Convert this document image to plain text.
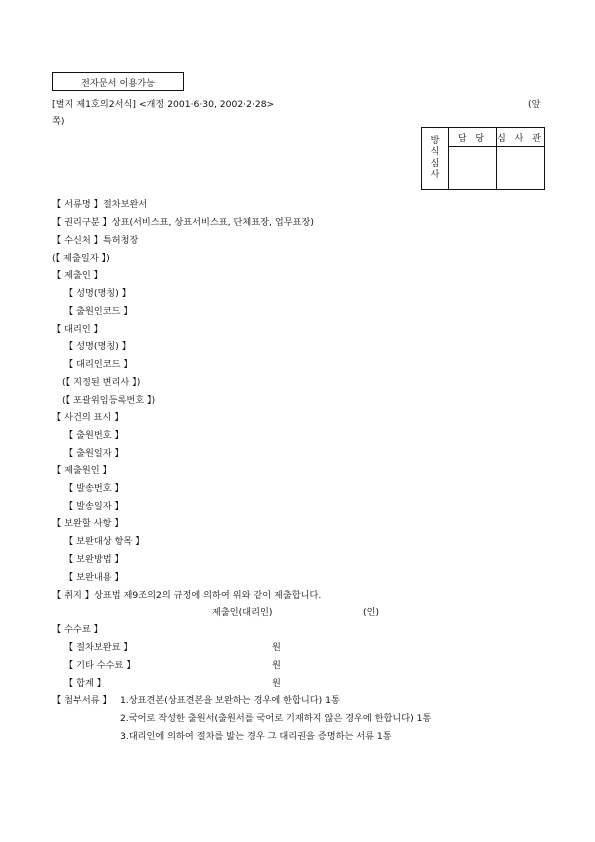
전자문서 이용가능
[별지 제1호의2서식] <개정 2001·6·30, 2002·2·28>	(앞
쪽)
방
식
심
사	담 당	심 사 관

【 서류명 】절차보완서
【 권리구분 】상표(서비스표, 상표서비스표, 단체표장, 업무표장)
【 수신처 】특허청장
(【 제출일자 】)
【 제출인 】
【 성명(명칭) 】
【 출원인코드 】
【 대리인 】
【 성명(명칭) 】
【 대리인코드 】
(【 지정된 변리사 】)
(【 포괄위임등록번호 】)
【 사건의 표시 】
【 출원번호 】
【 출원일자 】
【 제출원인 】
【 발송번호 】
【 발송일자 】
【 보완할 사항 】
【 보완대상 항목 】
【 보완방법 】
【 보완내용 】
【 취지 】상표법 제9조의2의 규정에 의하여 위와 같이 제출합니다.
제출인(대리인)	(인)
【 수수료 】
【 절차보완료 】	원
【 기타 수수료 】	원
【 합계 】	원
【 첨부서류 】 1.상표견본(상표견본을 보완하는 경우에 한합니다) 1통
2.국어로 작성한 출원서(출원서를 국어로 기재하지 않은 경우에 한합니다) 1통
3.대리인에 의하여 절차를 밟는 경우 그 대리권을 증명하는 서류 1통
